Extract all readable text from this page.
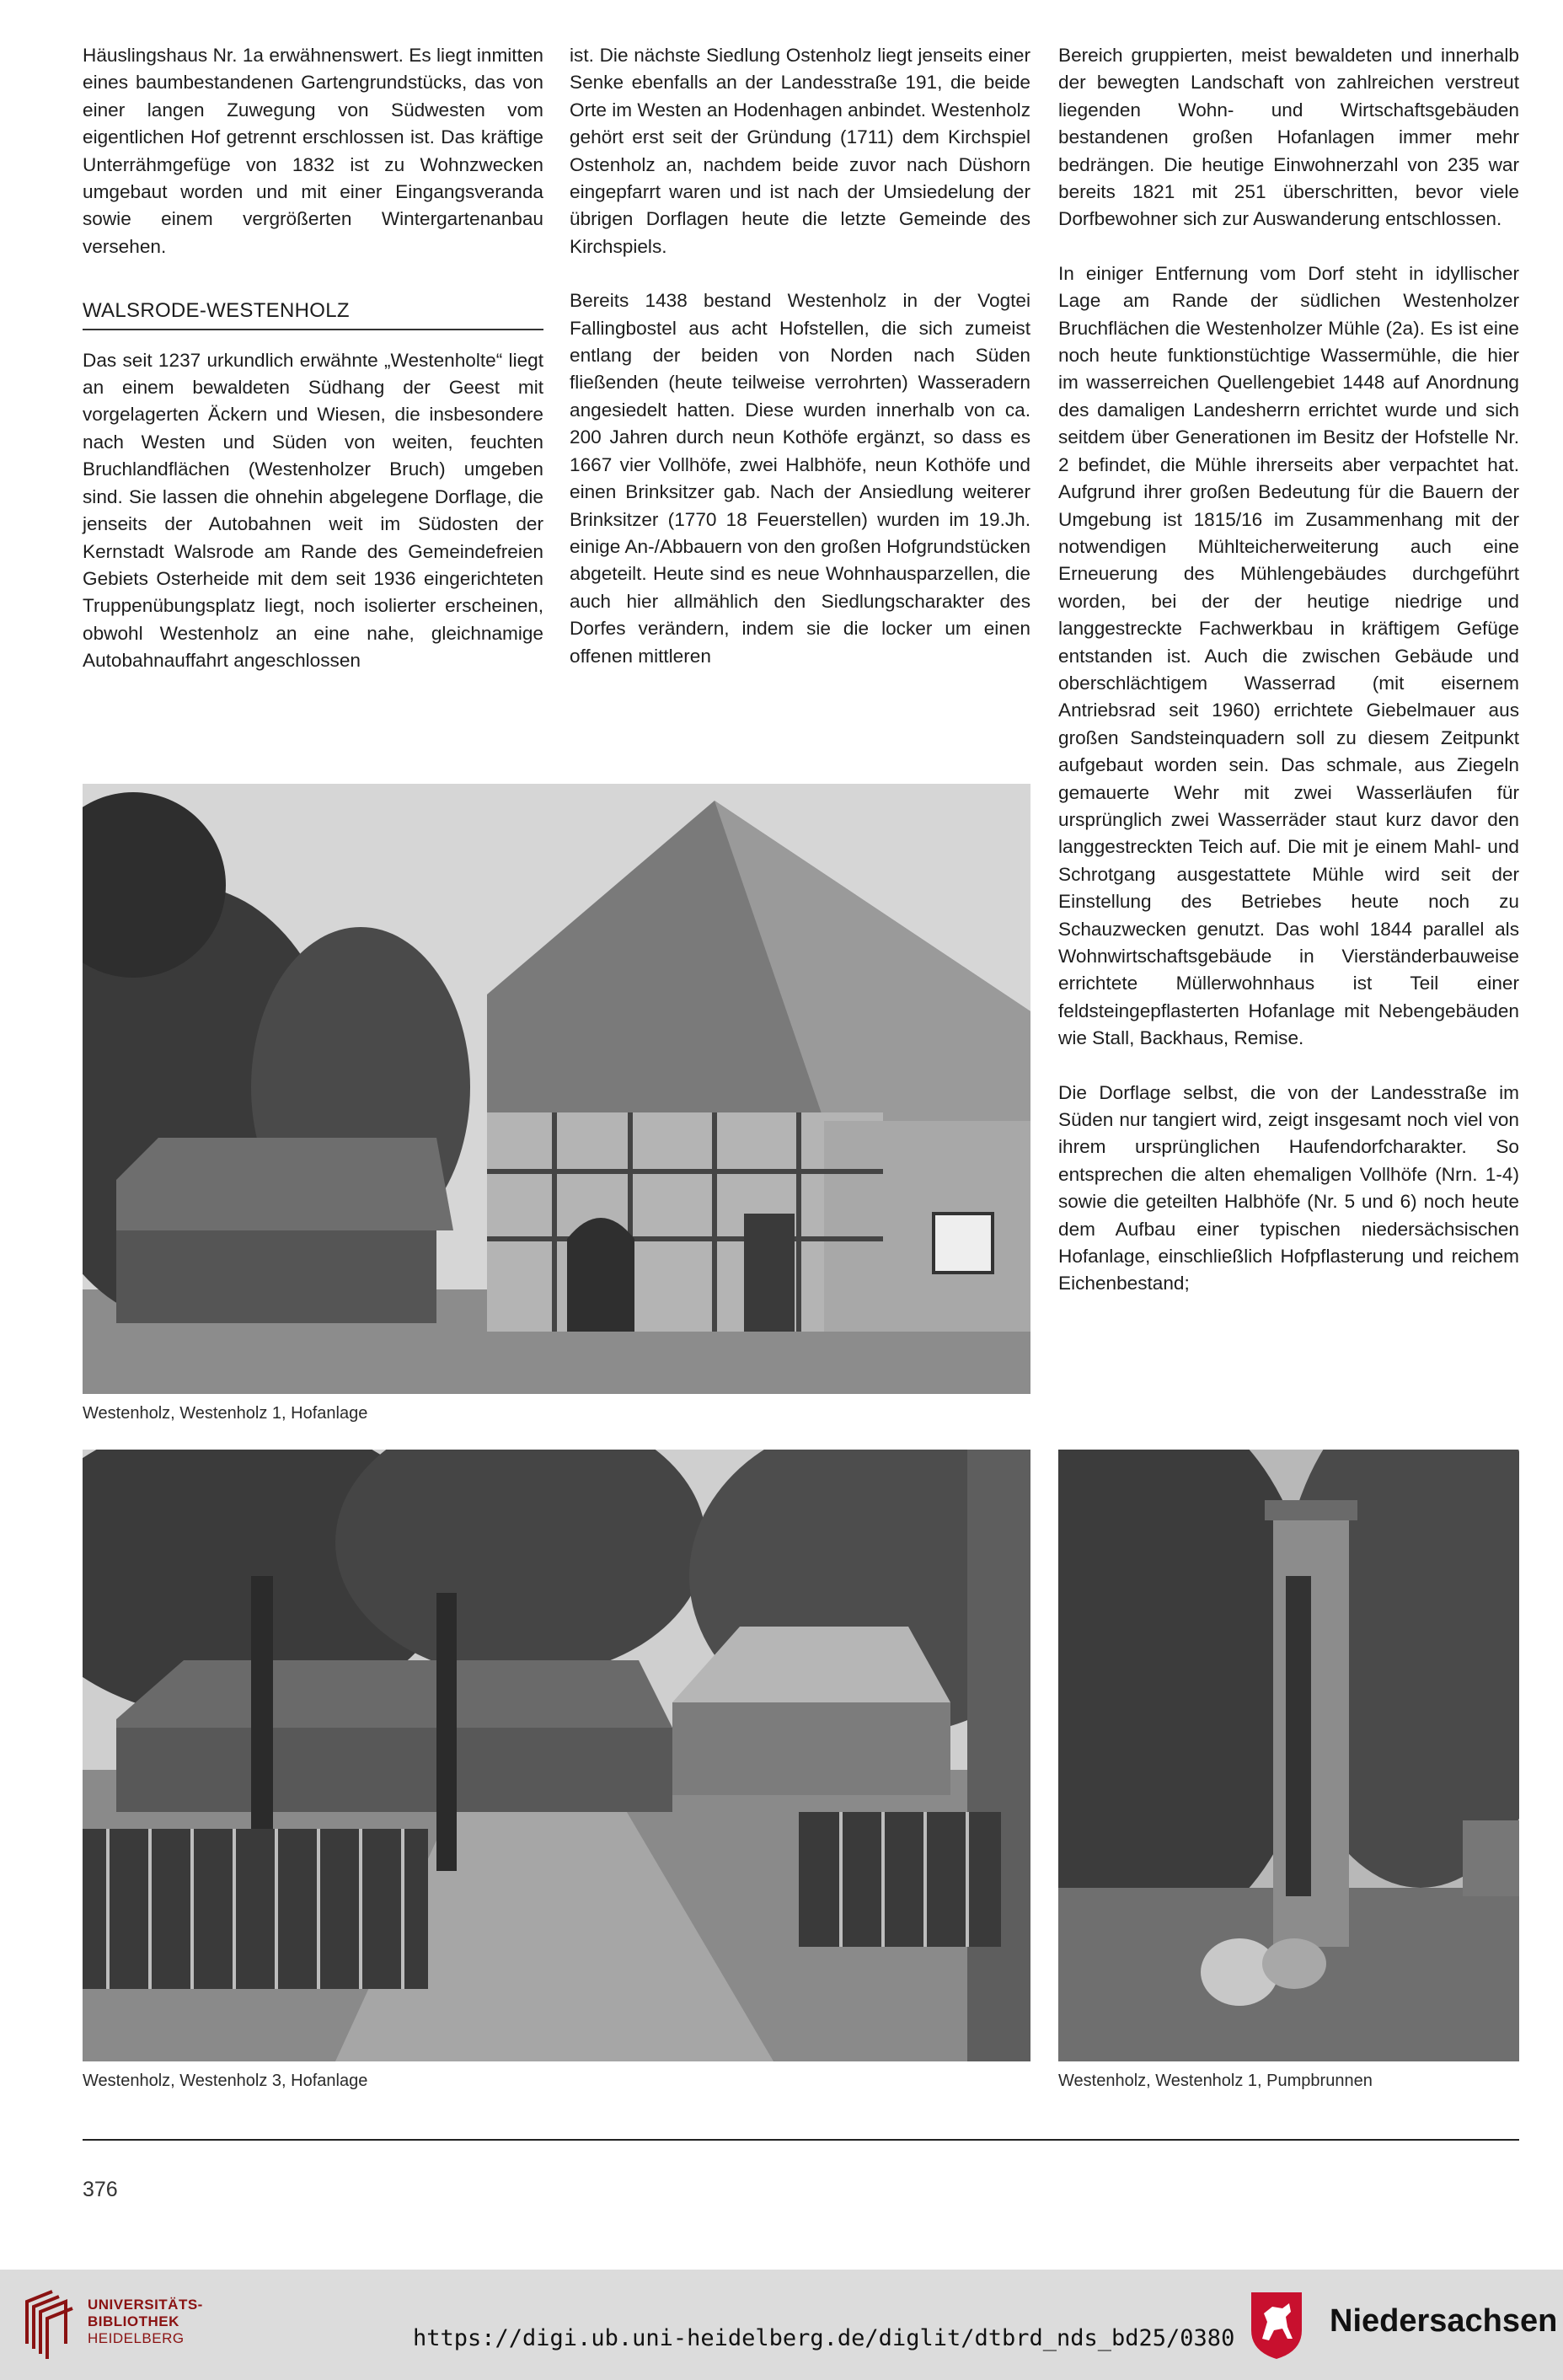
Häuslingshaus Nr. 1a erwähnenswert. Es liegt inmitten eines baumbestandenen Gartengrundstücks, das von einer langen Zuwegung von Südwesten vom eigentlichen Hof getrennt erschlossen ist. Das kräftige Unterrähmgefüge von 1832 ist zu Wohnzwecken umgebaut worden und mit einer Eingangsveranda sowie einem vergrößerten Wintergartenanbau versehen.

WALSRODE-WESTENHOLZ

Das seit 1237 urkundlich erwähnte „Westenholte“ liegt an einem bewaldeten Südhang der Geest mit vorgelagerten Äckern und Wiesen, die insbesondere nach Westen und Süden von weiten, feuchten Bruchlandflächen (Westenholzer Bruch) umgeben sind. Sie lassen die ohnehin abgelegene Dorflage, die jenseits der Autobahnen weit im Südosten der Kernstadt Walsrode am Rande des Gemeindefreien Gebiets Osterheide mit dem seit 1936 eingerichteten Truppenübungsplatz liegt, noch isolierter erscheinen, obwohl Westenholz an eine nahe, gleichnamige Autobahnauffahrt angeschlossen

ist. Die nächste Siedlung Ostenholz liegt jenseits einer Senke ebenfalls an der Landesstraße 191, die beide Orte im Westen an Hodenhagen anbindet. Westenholz gehört erst seit der Gründung (1711) dem Kirchspiel Ostenholz an, nachdem beide zuvor nach Düshorn eingepfarrt waren und ist nach der Umsiedelung der übrigen Dorflagen heute die letzte Gemeinde des Kirchspiels.

Bereits 1438 bestand Westenholz in der Vogtei Fallingbostel aus acht Hofstellen, die sich zumeist entlang der beiden von Norden nach Süden fließenden (heute teilweise verrohrten) Wasseradern angesiedelt hatten. Diese wurden innerhalb von ca. 200 Jahren durch neun Kothöfe ergänzt, so dass es 1667 vier Vollhöfe, zwei Halbhöfe, neun Kothöfe und einen Brinksitzer gab. Nach der Ansiedlung weiterer Brinksitzer (1770 18 Feuerstellen) wurden im 19.Jh. einige An-/Abbauern von den großen Hofgrundstücken abgeteilt. Heute sind es neue Wohnhausparzellen, die auch hier allmählich den Siedlungscharakter des Dorfes verändern, indem sie die locker um einen offenen mittleren

Bereich gruppierten, meist bewaldeten und innerhalb der bewegten Landschaft von zahlreichen verstreut liegenden Wohn- und Wirtschaftsgebäuden bestandenen großen Hofanlagen immer mehr bedrängen. Die heutige Einwohnerzahl von 235 war bereits 1821 mit 251 überschritten, bevor viele Dorfbewohner sich zur Auswanderung entschlossen.

In einiger Entfernung vom Dorf steht in idyllischer Lage am Rande der südlichen Westenholzer Bruchflächen die Westenholzer Mühle (2a). Es ist eine noch heute funktionstüchtige Wassermühle, die hier im wasserreichen Quellengebiet 1448 auf Anordnung des damaligen Landesherrn errichtet wurde und sich seitdem über Generationen im Besitz der Hofstelle Nr. 2 befindet, die Mühle ihrerseits aber verpachtet hat. Aufgrund ihrer großen Bedeutung für die Bauern der Umgebung ist 1815/16 im Zusammenhang mit der notwendigen Mühlteicherweiterung auch eine Erneuerung des Mühlengebäudes durchgeführt worden, bei der der heutige niedrige und langgestreckte Fachwerkbau in kräftigem Gefüge entstanden ist. Auch die zwischen Gebäude und oberschlächtigem Wasserrad (mit eisernem Antriebsrad seit 1960) errichtete Giebelmauer aus großen Sandsteinquadern soll zu diesem Zeitpunkt aufgebaut worden sein. Das schmale, aus Ziegeln gemauerte Wehr mit zwei Wasserläufen für ursprünglich zwei Wasserräder staut kurz davor den langgestreckten Teich auf. Die mit je einem Mahl- und Schrotgang ausgestattete Mühle wird seit der Einstellung des Betriebes heute noch zu Schauzwecken genutzt. Das wohl 1844 parallel als Wohnwirtschaftsgebäude in Vierständerbauweise errichtete Müllerwohnhaus ist Teil einer feldsteingepflasterten Hofanlage mit Nebengebäuden wie Stall, Backhaus, Remise.

Die Dorflage selbst, die von der Landesstraße im Süden nur tangiert wird, zeigt insgesamt noch viel von ihrem ursprünglichen Haufendorfcharakter. So entsprechen die alten ehemaligen Vollhöfe (Nrn. 1-4) sowie die geteilten Halbhöfe (Nr. 5 und 6) noch heute dem Aufbau einer typischen niedersächsischen Hofanlage, einschließlich Hofpflasterung und reichem Eichenbestand;

Westenholz, Westenholz 1, Hofanlage
Westenholz, Westenholz 3, Hofanlage	Westenholz, Westenholz 1, Pumpbrunnen
376
UNIVERSITÄTS-
BIBLIOTHEK
HEIDELBERG	https://digi.ub.uni-heidelberg.de/diglit/dtbrd_nds_bd25/0380	Niedersachsen
